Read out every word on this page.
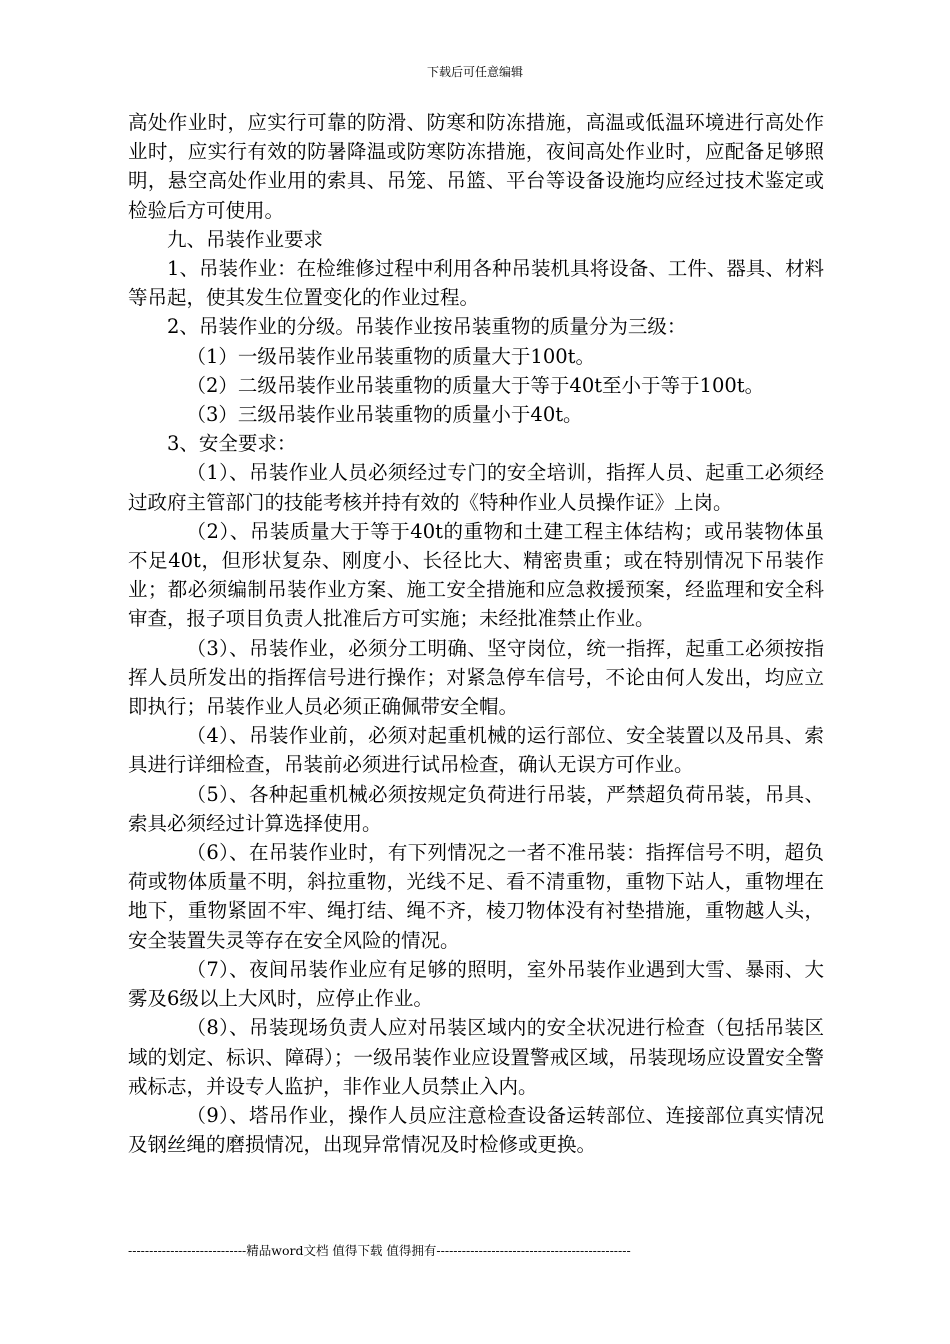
下载后可任意编辑

高处作业时，应实行可靠的防滑、防寒和防冻措施，高温或低温环境进行高处作业时，应实行有效的防暑降温或防寒防冻措施，夜间高处作业时，应配备足够照明，悬空高处作业用的索具、吊笼、吊篮、平台等设备设施均应经过技术鉴定或检验后方可使用。

九、吊装作业要求

1、吊装作业：在检维修过程中利用各种吊装机具将设备、工件、器具、材料等吊起，使其发生位置变化的作业过程。

2、吊装作业的分级。吊装作业按吊装重物的质量分为三级：

（1）一级吊装作业吊装重物的质量大于100t。

（2）二级吊装作业吊装重物的质量大于等于40t至小于等于100t。

（3）三级吊装作业吊装重物的质量小于40t。

3、安全要求：

（1）、吊装作业人员必须经过专门的安全培训，指挥人员、起重工必须经过政府主管部门的技能考核并持有效的《特种作业人员操作证》上岗。

（2）、吊装质量大于等于40t的重物和土建工程主体结构；或吊装物体虽不足40t，但形状复杂、刚度小、长径比大、精密贵重；或在特别情况下吊装作业；都必须编制吊装作业方案、施工安全措施和应急救援预案，经监理和安全科审查，报子项目负责人批准后方可实施；未经批准禁止作业。

（3）、吊装作业，必须分工明确、坚守岗位，统一指挥，起重工必须按指挥人员所发出的指挥信号进行操作；对紧急停车信号，不论由何人发出，均应立即执行；吊装作业人员必须正确佩带安全帽。

（4）、吊装作业前，必须对起重机械的运行部位、安全装置以及吊具、索具进行详细检查，吊装前必须进行试吊检查，确认无误方可作业。

（5）、各种起重机械必须按规定负荷进行吊装，严禁超负荷吊装，吊具、索具必须经过计算选择使用。

（6）、在吊装作业时，有下列情况之一者不准吊装：指挥信号不明，超负荷或物体质量不明，斜拉重物，光线不足、看不清重物，重物下站人，重物埋在地下，重物紧固不牢、绳打结、绳不齐，棱刀物体没有衬垫措施，重物越人头，安全装置失灵等存在安全风险的情况。

（7）、夜间吊装作业应有足够的照明，室外吊装作业遇到大雪、暴雨、大雾及6级以上大风时，应停止作业。

（8）、吊装现场负责人应对吊装区域内的安全状况进行检查（包括吊装区域的划定、标识、障碍）；一级吊装作业应设置警戒区域，吊装现场应设置安全警戒标志，并设专人监护，非作业人员禁止入内。

（9）、塔吊作业，操作人员应注意检查设备运转部位、连接部位真实情况及钢丝绳的磨损情况，出现异常情况及时检修或更换。

----------------------------精品word文档 值得下载 值得拥有----------------------------------------------
